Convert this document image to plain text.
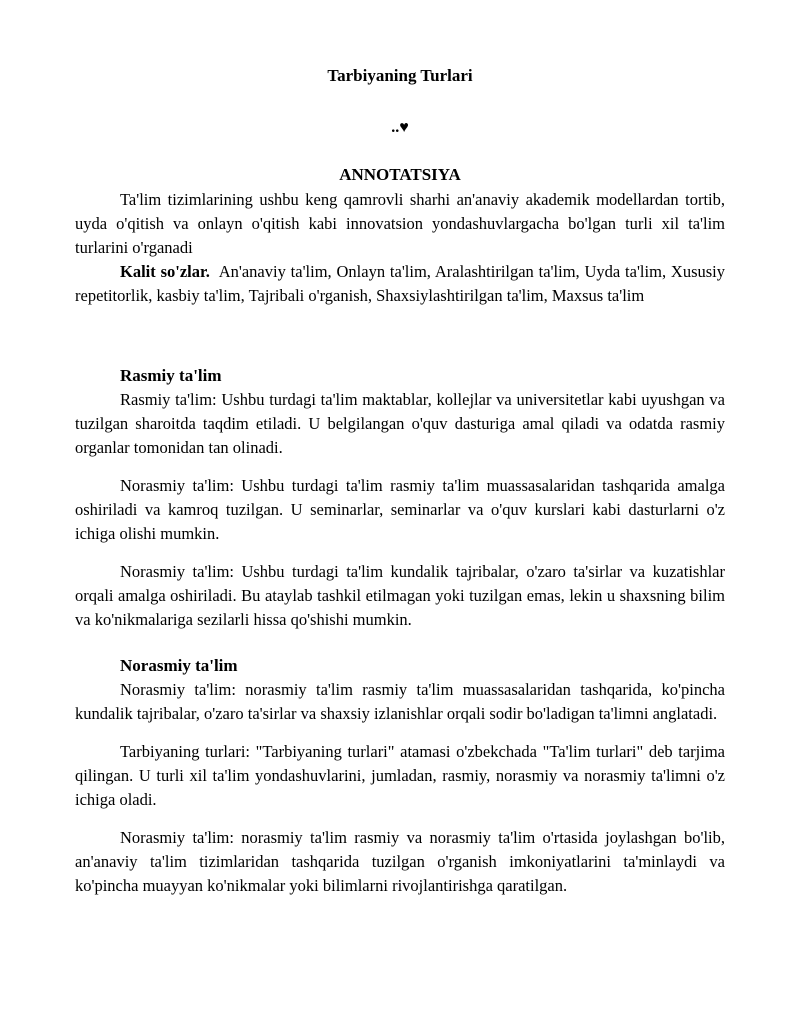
Tarbiyaning Turlari
..♥
ANNOTATSIYA

Ta'lim tizimlarining ushbu keng qamrovli sharhi an'anaviy akademik modellardan tortib, uyda o'qitish va onlayn o'qitish kabi innovatsion yondashuvlargacha bo'lgan turli xil ta'lim turlarini o'rganadi

Kalit so'zlar. An'anaviy ta'lim, Onlayn ta'lim, Aralashtirilgan ta'lim, Uyda ta'lim, Xususiy repetitorlik, kasbiy ta'lim, Tajribali o'rganish, Shaxsiylashtirilgan ta'lim, Maxsus ta'lim

Rasmiy ta'lim

Rasmiy ta'lim: Ushbu turdagi ta'lim maktablar, kollejlar va universitetlar kabi uyushgan va tuzilgan sharoitda taqdim etiladi. U belgilangan o'quv dasturiga amal qiladi va odatda rasmiy organlar tomonidan tan olinadi.

Norasmiy ta'lim: Ushbu turdagi ta'lim rasmiy ta'lim muassasalaridan tashqarida amalga oshiriladi va kamroq tuzilgan. U seminarlar, seminarlar va o'quv kurslari kabi dasturlarni o'z ichiga olishi mumkin.

Norasmiy ta'lim: Ushbu turdagi ta'lim kundalik tajribalar, o'zaro ta'sirlar va kuzatishlar orqali amalga oshiriladi. Bu ataylab tashkil etilmagan yoki tuzilgan emas, lekin u shaxsning bilim va ko'nikmalariga sezilarli hissa qo'shishi mumkin.

Norasmiy ta'lim

Norasmiy ta'lim: norasmiy ta'lim rasmiy ta'lim muassasalaridan tashqarida, ko'pincha kundalik tajribalar, o'zaro ta'sirlar va shaxsiy izlanishlar orqali sodir bo'ladigan ta'limni anglatadi.

Tarbiyaning turlari: "Tarbiyaning turlari" atamasi o'zbekchada "Ta'lim turlari" deb tarjima qilingan. U turli xil ta'lim yondashuvlarini, jumladan, rasmiy, norasmiy va norasmiy ta'limni o'z ichiga oladi.

Norasmiy ta'lim: norasmiy ta'lim rasmiy va norasmiy ta'lim o'rtasida joylashgan bo'lib, an'anaviy ta'lim tizimlaridan tashqarida tuzilgan o'rganish imkoniyatlarini ta'minlaydi va ko'pincha muayyan ko'nikmalar yoki bilimlarni rivojlantirishga qaratilgan.
